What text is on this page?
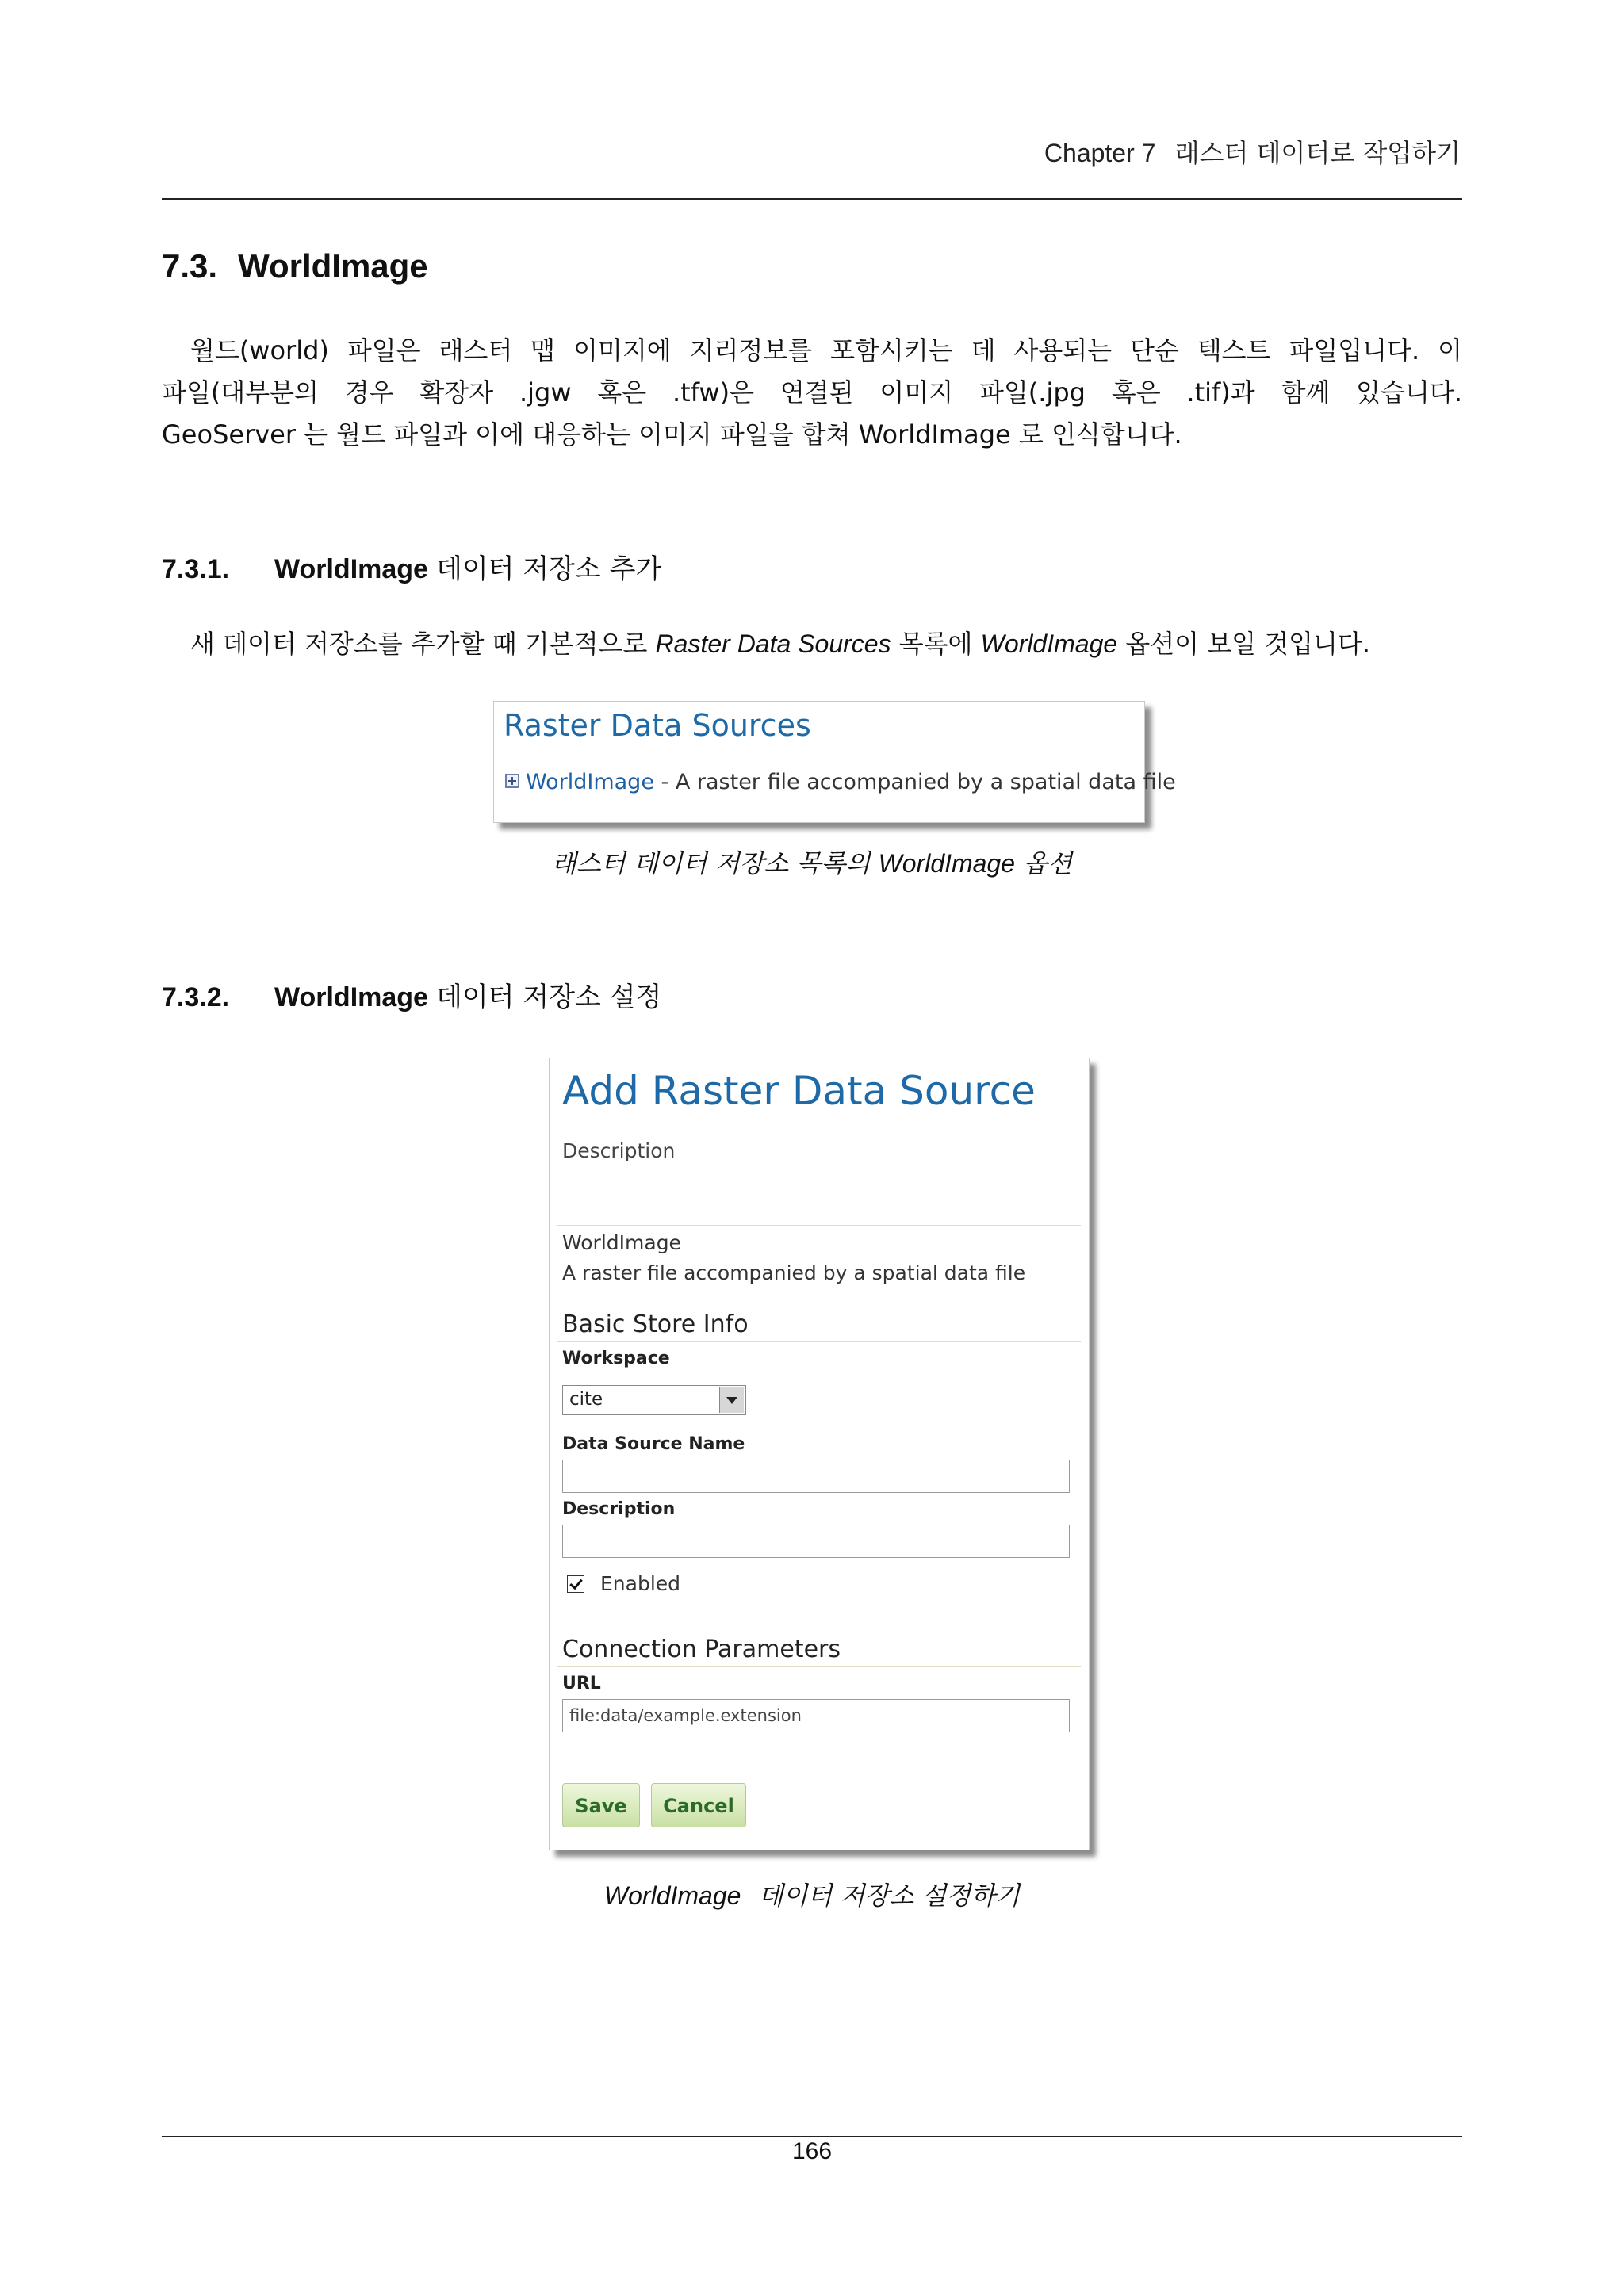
Chapter 7 래스터 데이터로 작업하기
7.3. WorldImage
월드(world) 파일은 래스터 맵 이미지에 지리정보를 포함시키는 데 사용되는 단순 텍스트 파일입니다. 이
파일(대부분의 경우 확장자 .jgw 혹은 .tfw)은 연결된 이미지 파일(.jpg 혹은 .tif)과 함께 있습니다.
GeoServer 는 월드 파일과 이에 대응하는 이미지 파일을 합쳐 WorldImage 로 인식합니다.
7.3.1. WorldImage 데이터 저장소 추가
새 데이터 저장소를 추가할 때 기본적으로 Raster Data Sources 목록에 WorldImage 옵션이 보일 것입니다.
Raster Data Sources
WorldImage - A raster file accompanied by a spatial data file
래스터 데이터 저장소 목록의 WorldImage 옵션
7.3.2. WorldImage 데이터 저장소 설정
Add Raster Data Source
Description
WorldImage
A raster file accompanied by a spatial data file
Basic Store Info
Workspace
cite
Data Source Name
Description
Enabled
Connection Parameters
URL
file:data/example.extension
Save	Cancel
WorldImage 데이터 저장소 설정하기
166
